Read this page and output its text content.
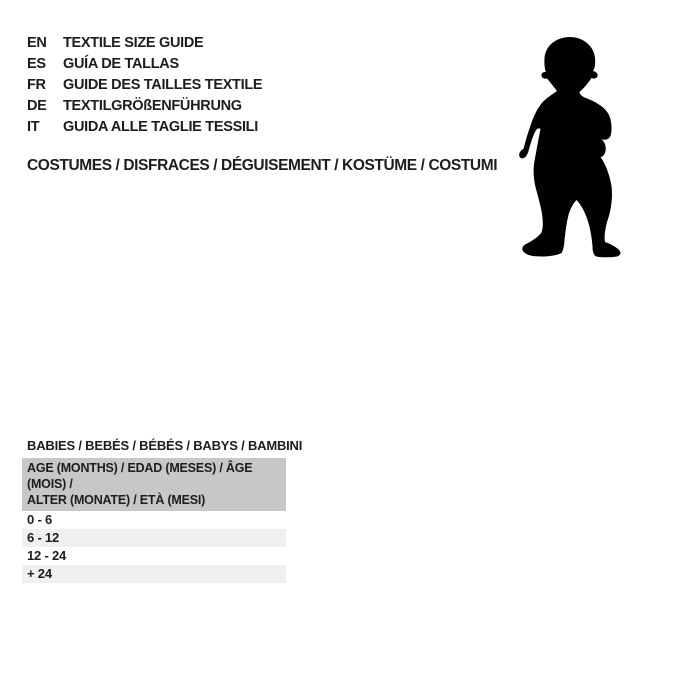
EN	TEXTILE SIZE GUIDE
ES	GUÍA DE TALLAS
FR	GUIDE DES TAILLES TEXTILE
DE	TEXTILGRÖßENFÜHRUNG
IT	GUIDA ALLE TAGLIE TESSILI
COSTUMES / DISFRACES / DÉGUISEMENT / KOSTÜME / COSTUMI
BABIES / BEBÉS / BÉBÉS / BABYS / BAMBINI
AGE (MONTHS) / EDAD (MESES) / ÂGE (MOIS) /
ALTER (MONATE) / ETÀ (MESI)
0 - 6
6 - 12
12 - 24
+ 24
